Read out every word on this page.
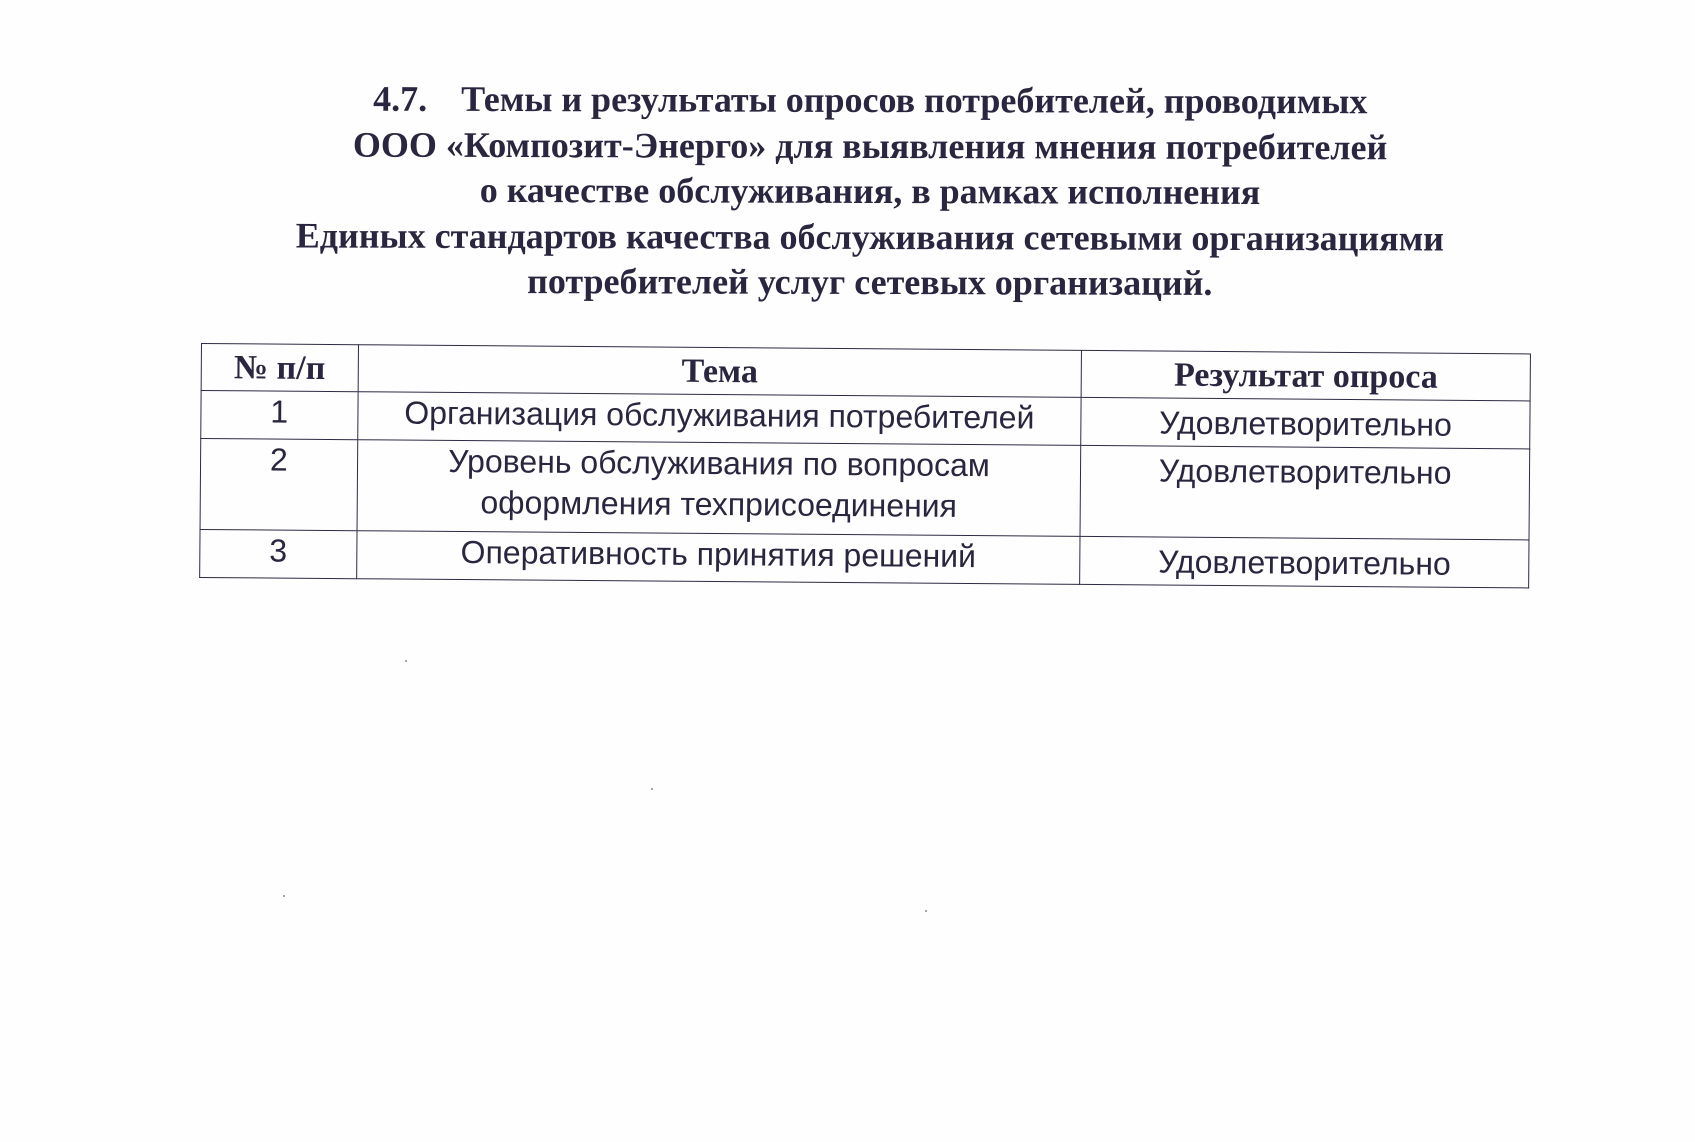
4.7. Темы и результаты опросов потребителей, проводимых
ООО «Композит-Энерго» для выявления мнения потребителей
о качестве обслуживания, в рамках исполнения
Единых стандартов качества обслуживания сетевыми организациями
потребителей услуг сетевых организаций.
№ п/п	Тема	Результат опроса
1	Организация обслуживания потребителей	Удовлетворительно
2	Уровень обслуживания по вопросам
оформления техприсоединения	Удовлетворительно
3	Оперативность принятия решений	Удовлетворительно
